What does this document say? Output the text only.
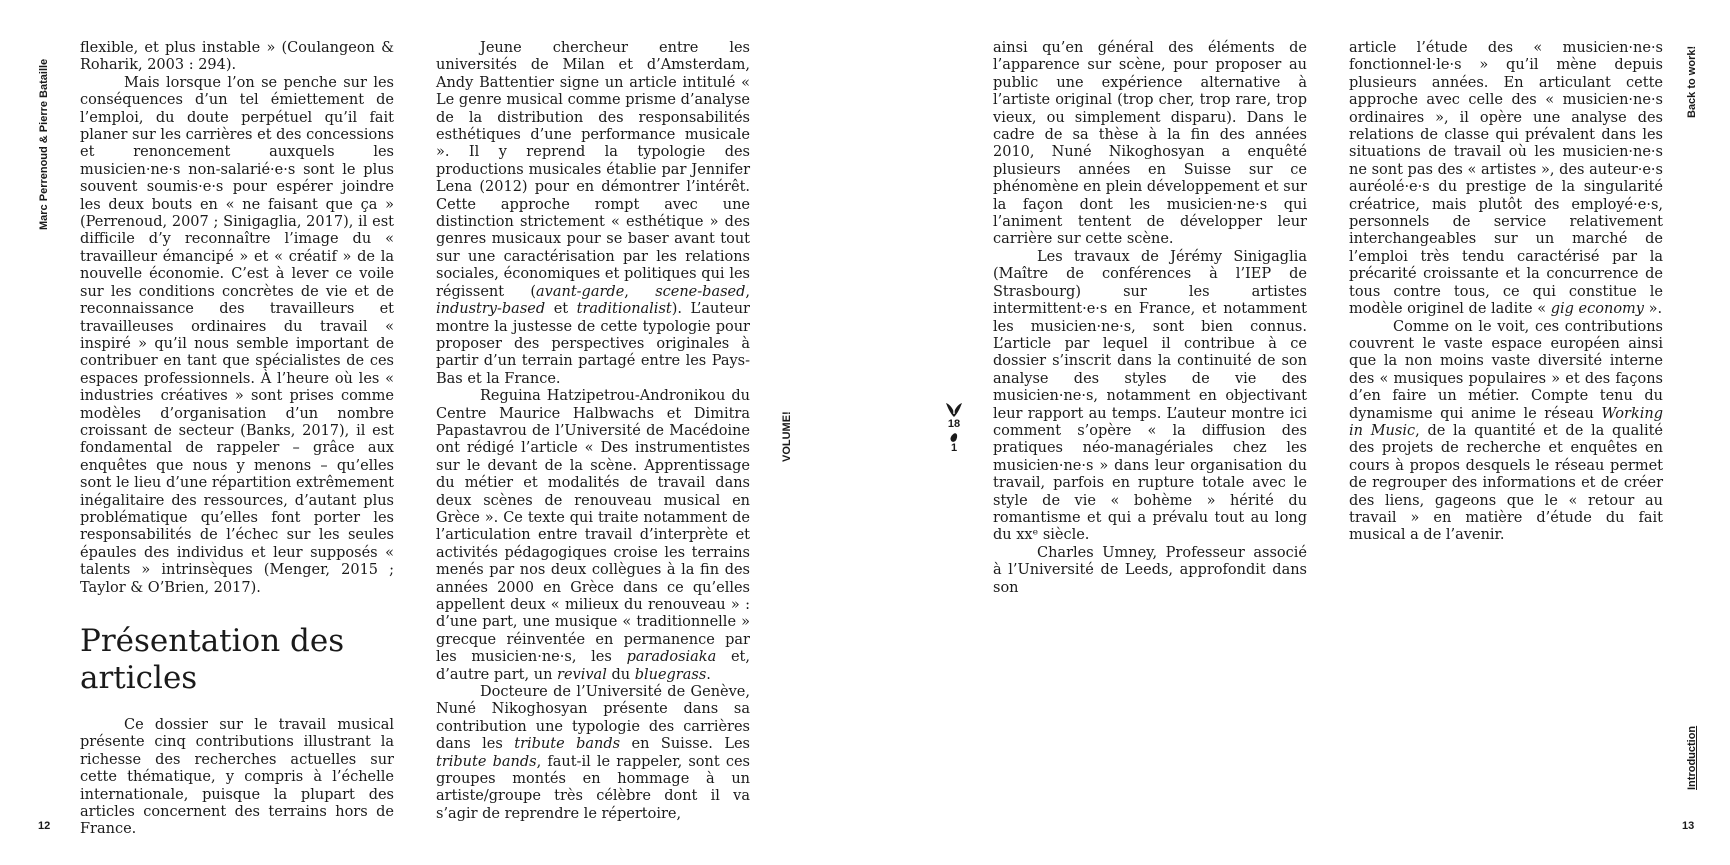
Marc Perrenoud & Pierre Bataille

flexible, et plus instable » (Coulangeon & Roharik, 2003 : 294).

Mais lorsque l’on se penche sur les conséquences d’un tel émiettement de l’emploi, du doute perpétuel qu’il fait planer sur les carrières et des concessions et renoncement auxquels les musicien·ne·s non-salarié·e·s sont le plus souvent soumis·e·s pour espérer joindre les deux bouts en « ne faisant que ça » (Perrenoud, 2007 ; Sinigaglia, 2017), il est difficile d’y reconnaître l’image du « travailleur émancipé » et « créatif » de la nouvelle économie. C’est à lever ce voile sur les conditions concrètes de vie et de reconnaissance des travailleurs et travailleuses ordinaires du travail « inspiré » qu’il nous semble important de contribuer en tant que spécialistes de ces espaces professionnels. À l’heure où les « industries créatives » sont prises comme modèles d’organisation d’un nombre croissant de secteur (Banks, 2017), il est fondamental de rappeler – grâce aux enquêtes que nous y menons – qu’elles sont le lieu d’une répartition extrêmement inégalitaire des ressources, d’autant plus problématique qu’elles font porter les responsabilités de l’échec sur les seules épaules des individus et leur supposés « talents » intrinsèques (Menger, 2015 ; Taylor & O’Brien, 2017).

Présentation des articles

Ce dossier sur le travail musical présente cinq contributions illustrant la richesse des recherches actuelles sur cette thématique, y compris à l’échelle internationale, puisque la plupart des articles concernent des terrains hors de France.

Jeune chercheur entre les universités de Milan et d’Amsterdam, Andy Battentier signe un article intitulé « Le genre musical comme prisme d’analyse de la distribution des responsabilités esthétiques d’une performance musicale ». Il y reprend la typologie des productions musicales établie par Jennifer Lena (2012) pour en démontrer l’intérêt. Cette approche rompt avec une distinction strictement « esthétique » des genres musicaux pour se baser avant tout sur une caractérisation par les relations sociales, économiques et politiques qui les régissent (avant-garde, scene-based, industry-based et traditionalist). L’auteur montre la justesse de cette typologie pour proposer des perspectives originales à partir d’un terrain partagé entre les Pays-Bas et la France.

Reguina Hatzipetrou-Andronikou du Centre Maurice Halbwachs et Dimitra Papastavrou de l’Université de Macédoine ont rédigé l’article « Des instrumentistes sur le devant de la scène. Apprentissage du métier et modalités de travail dans deux scènes de renouveau musical en Grèce ». Ce texte qui traite notamment de l’articulation entre travail d’interprète et activités pédagogiques croise les terrains menés par nos deux collègues à la fin des années 2000 en Grèce dans ce qu’elles appellent deux « milieux du renouveau » : d’une part, une musique « traditionnelle » grecque réinventée en permanence par les musicien·ne·s, les paradosiaka et, d’autre part, un revival du bluegrass.

Docteure de l’Université de Genève, Nuné Nikoghosyan présente dans sa contribution une typologie des carrières dans les tribute bands en Suisse. Les tribute bands, faut-il le rappeler, sont ces groupes montés en hommage à un artiste/groupe très célèbre dont il va s’agir de reprendre le répertoire,

12
VOLUME!	18
1

ainsi qu’en général des éléments de l’apparence sur scène, pour proposer au public une expérience alternative à l’artiste original (trop cher, trop rare, trop vieux, ou simplement disparu). Dans le cadre de sa thèse à la fin des années 2010, Nuné Nikoghosyan a enquêté plusieurs années en Suisse sur ce phénomène en plein développement et sur la façon dont les musicien·ne·s qui l’animent tentent de développer leur carrière sur cette scène.

Les travaux de Jérémy Sinigaglia (Maître de conférences à l’IEP de Strasbourg) sur les artistes intermittent·e·s en France, et notamment les musicien·ne·s, sont bien connus. L’article par lequel il contribue à ce dossier s’inscrit dans la continuité de son analyse des styles de vie des musicien·ne·s, notamment en objectivant leur rapport au temps. L’auteur montre ici comment s’opère « la diffusion des pratiques néo-managériales chez les musicien·ne·s » dans leur organisation du travail, parfois en rupture totale avec le style de vie « bohème » hérité du romantisme et qui a prévalu tout au long du xxᵉ siècle.

Charles Umney, Professeur associé à l’Université de Leeds, approfondit dans son

article l’étude des « musicien·ne·s fonctionnel·le·s » qu’il mène depuis plusieurs années. En articulant cette approche avec celle des « musicien·ne·s ordinaires », il opère une analyse des relations de classe qui prévalent dans les situations de travail où les musicien·ne·s ne sont pas des « artistes », des auteur·e·s auréolé·e·s du prestige de la singularité créatrice, mais plutôt des employé·e·s, personnels de service relativement interchangeables sur un marché de l’emploi très tendu caractérisé par la précarité croissante et la concurrence de tous contre tous, ce qui constitue le modèle originel de ladite « gig economy ».

Comme on le voit, ces contributions couvrent le vaste espace européen ainsi que la non moins vaste diversité interne des « musiques populaires » et des façons d’en faire un métier. Compte tenu du dynamisme qui anime le réseau Working in Music, de la quantité et de la qualité des projets de recherche et enquêtes en cours à propos desquels le réseau permet de regrouper des informations et de créer des liens, gageons que le « retour au travail » en matière d’étude du fait musical a de l’avenir.

Back to work!
Introduction
13
